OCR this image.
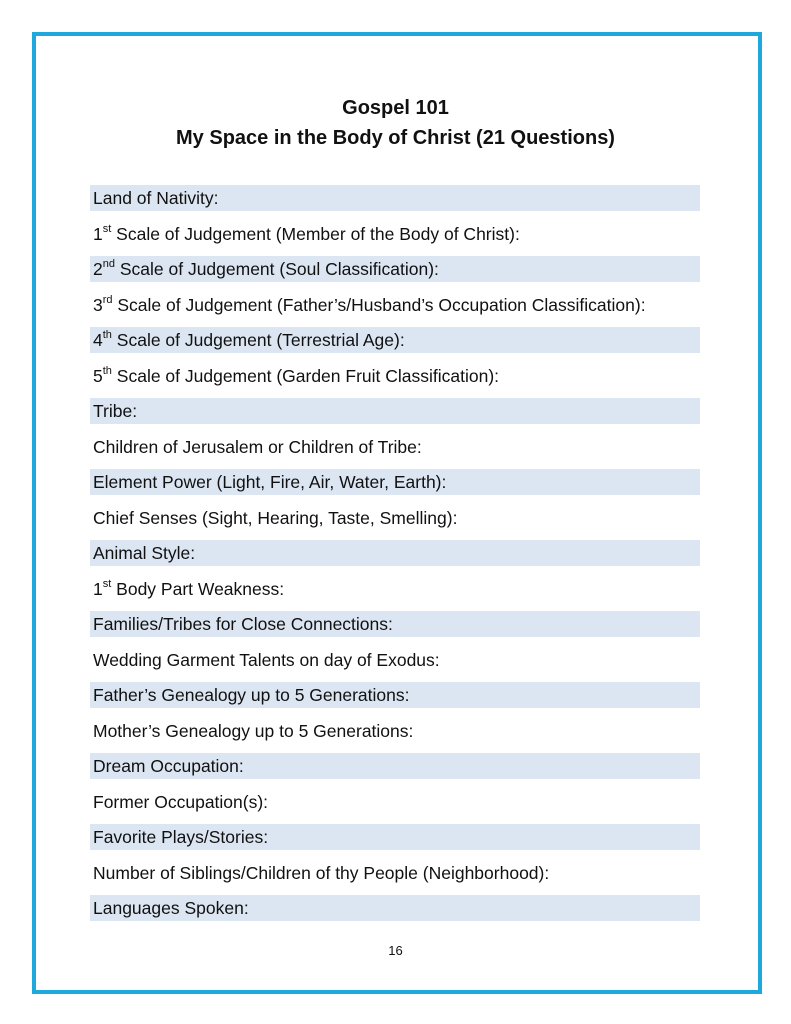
Gospel 101
My Space in the Body of Christ (21 Questions)
Land of Nativity:
1st Scale of Judgement (Member of the Body of Christ):
2nd Scale of Judgement (Soul Classification):
3rd Scale of Judgement (Father’s/Husband’s Occupation Classification):
4th Scale of Judgement (Terrestrial Age):
5th Scale of Judgement (Garden Fruit Classification):
Tribe:
Children of Jerusalem or Children of Tribe:
Element Power (Light, Fire, Air, Water, Earth):
Chief Senses (Sight, Hearing, Taste, Smelling):
Animal Style:
1st Body Part Weakness:
Families/Tribes for Close Connections:
Wedding Garment Talents on day of Exodus:
Father’s Genealogy up to 5 Generations:
Mother’s Genealogy up to 5 Generations:
Dream Occupation:
Former Occupation(s):
Favorite Plays/Stories:
Number of Siblings/Children of thy People (Neighborhood):
Languages Spoken:
16
